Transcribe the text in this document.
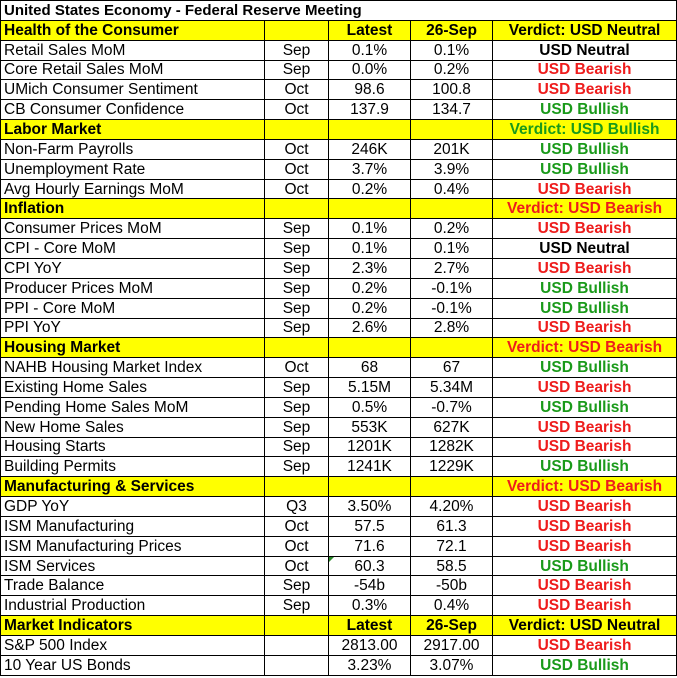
United States Economy - Federal Reserve Meeting				
Health of the Consumer		Latest	26-Sep	Verdict: USD Neutral
Retail Sales MoM	Sep	0.1%	0.1%	USD Neutral
Core Retail Sales MoM	Sep	0.0%	0.2%	USD Bearish
UMich Consumer Sentiment	Oct	98.6	100.8	USD Bearish
CB Consumer Confidence	Oct	137.9	134.7	USD Bullish
Labor Market				Verdict: USD Bullish
Non-Farm Payrolls	Oct	246K	201K	USD Bullish
Unemployment Rate	Oct	3.7%	3.9%	USD Bullish
Avg Hourly Earnings MoM	Oct	0.2%	0.4%	USD Bearish
Inflation				Verdict: USD Bearish
Consumer Prices MoM	Sep	0.1%	0.2%	USD Bearish
CPI - Core MoM	Sep	0.1%	0.1%	USD Neutral
CPI YoY	Sep	2.3%	2.7%	USD Bearish
Producer Prices MoM	Sep	0.2%	-0.1%	USD Bullish
PPI - Core MoM	Sep	0.2%	-0.1%	USD Bullish
PPI YoY	Sep	2.6%	2.8%	USD Bearish
Housing Market				Verdict: USD Bearish
NAHB Housing Market Index	Oct	68	67	USD Bullish
Existing Home Sales	Sep	5.15M	5.34M	USD Bearish
Pending Home Sales MoM	Sep	0.5%	-0.7%	USD Bullish
New Home Sales	Sep	553K	627K	USD Bearish
Housing Starts	Sep	1201K	1282K	USD Bearish
Building Permits	Sep	1241K	1229K	USD Bullish
Manufacturing & Services				Verdict: USD Bearish
GDP YoY	Q3	3.50%	4.20%	USD Bearish
ISM Manufacturing	Oct	57.5	61.3	USD Bearish
ISM Manufacturing Prices	Oct	71.6	72.1	USD Bearish
ISM Services	Oct	60.3	58.5	USD Bullish
Trade Balance	Sep	-54b	-50b	USD Bearish
Industrial Production	Sep	0.3%	0.4%	USD Bearish
Market Indicators		Latest	26-Sep	Verdict: USD Neutral
S&P 500 Index		2813.00	2917.00	USD Bearish
10 Year US Bonds		3.23%	3.07%	USD Bullish
